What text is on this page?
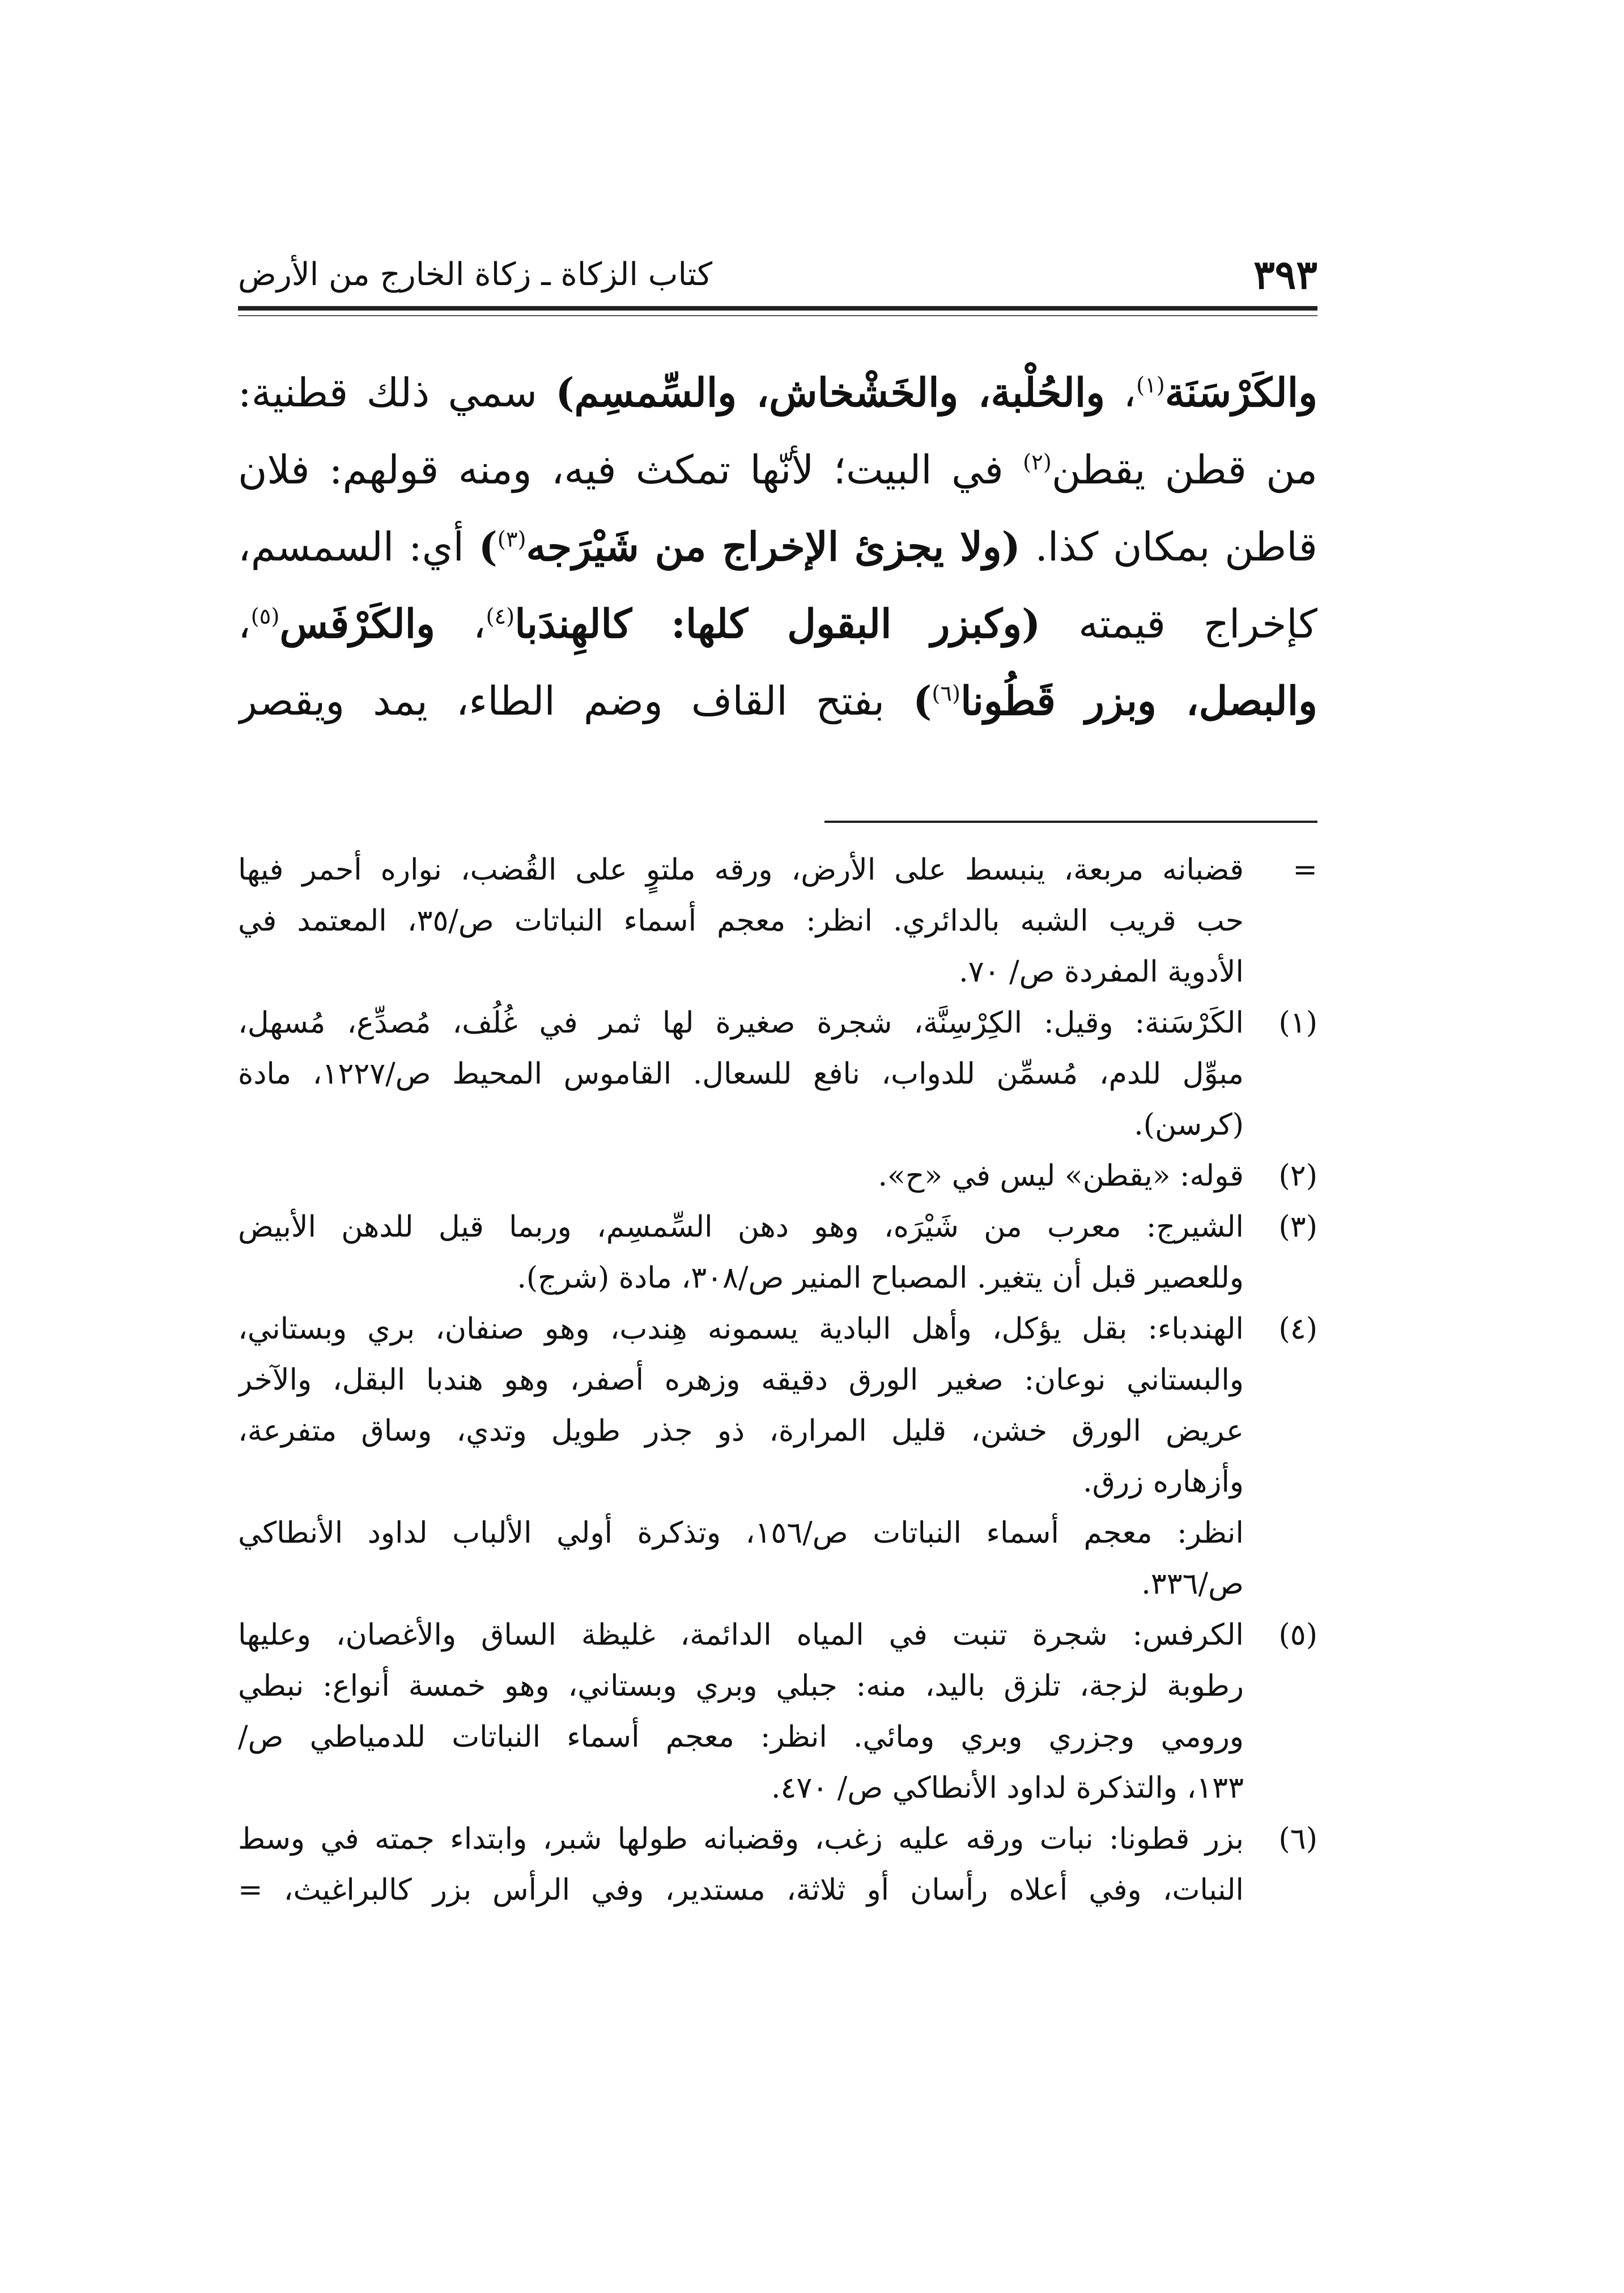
٣٩٣
كتاب الزكاة ـ زكاة الخارج من الأرض
والكَرْسَنَة$^{(١)}$، والحُلْبة، والخَشْخاش، والسِّمسِم) سمي ذلك قطنية:
من قطن يقطن$^{(٢)}$ في البيت؛ لأنّها تمكث فيه، ومنه قولهم: فلان
قاطن بمكان كذا. (ولا يجزئ الإخراج من شَيْرَجه$^{(٣)}$) أي: السمسم،
كإخراج قيمته (وكبزر البقول كلها: كالهِندَبا$^{(٤)}$، والكَرْفَس$^{(٥)}$،
والبصل، وبزر قَطُونا$^{(٦)}$) بفتح القاف وضم الطاء، يمد ويقصر
=
قضبانه مربعة، ينبسط على الأرض، ورقه ملتوٍ على القُضب، نواره أحمر فيها
حب قريب الشبه بالدائري. انظر: معجم أسماء النباتات ص/٣٥، المعتمد في
الأدوية المفردة ص/ ٧٠.
(١)
الكَرْسَنة: وقيل: الكِرْسِنَّة، شجرة صغيرة لها ثمر في غُلُف، مُصدِّع، مُسهل،
مبوِّل للدم، مُسمِّن للدواب، نافع للسعال. القاموس المحيط ص/١٢٢٧، مادة
(كرسن).
(٢)
قوله: «يقطن» ليس في «ح».
(٣)
الشيرج: معرب من شَيْرَه، وهو دهن السِّمسِم، وربما قيل للدهن الأبيض
وللعصير قبل أن يتغير. المصباح المنير ص/٣٠٨، مادة (شرج).
(٤)
الهندباء: بقل يؤكل، وأهل البادية يسمونه هِندب، وهو صنفان، بري وبستاني،
والبستاني نوعان: صغير الورق دقيقه وزهره أصفر، وهو هندبا البقل، والآخر
عريض الورق خشن، قليل المرارة، ذو جذر طويل وتدي، وساق متفرعة،
وأزهاره زرق.
انظر: معجم أسماء النباتات ص/١٥٦، وتذكرة أولي الألباب لداود الأنطاكي
ص/٣٣٦.
(٥)
الكرفس: شجرة تنبت في المياه الدائمة، غليظة الساق والأغصان، وعليها
رطوبة لزجة، تلزق باليد، منه: جبلي وبري وبستاني، وهو خمسة أنواع: نبطي
ورومي وجزري وبري ومائي. انظر: معجم أسماء النباتات للدمياطي ص/
١٣٣، والتذكرة لداود الأنطاكي ص/ ٤٧٠.
(٦)
بزر قطونا: نبات ورقه عليه زغب، وقضبانه طولها شبر، وابتداء جمته في وسط
النبات، وفي أعلاه رأسان أو ثلاثة، مستدير، وفي الرأس بزر كالبراغيث، =
